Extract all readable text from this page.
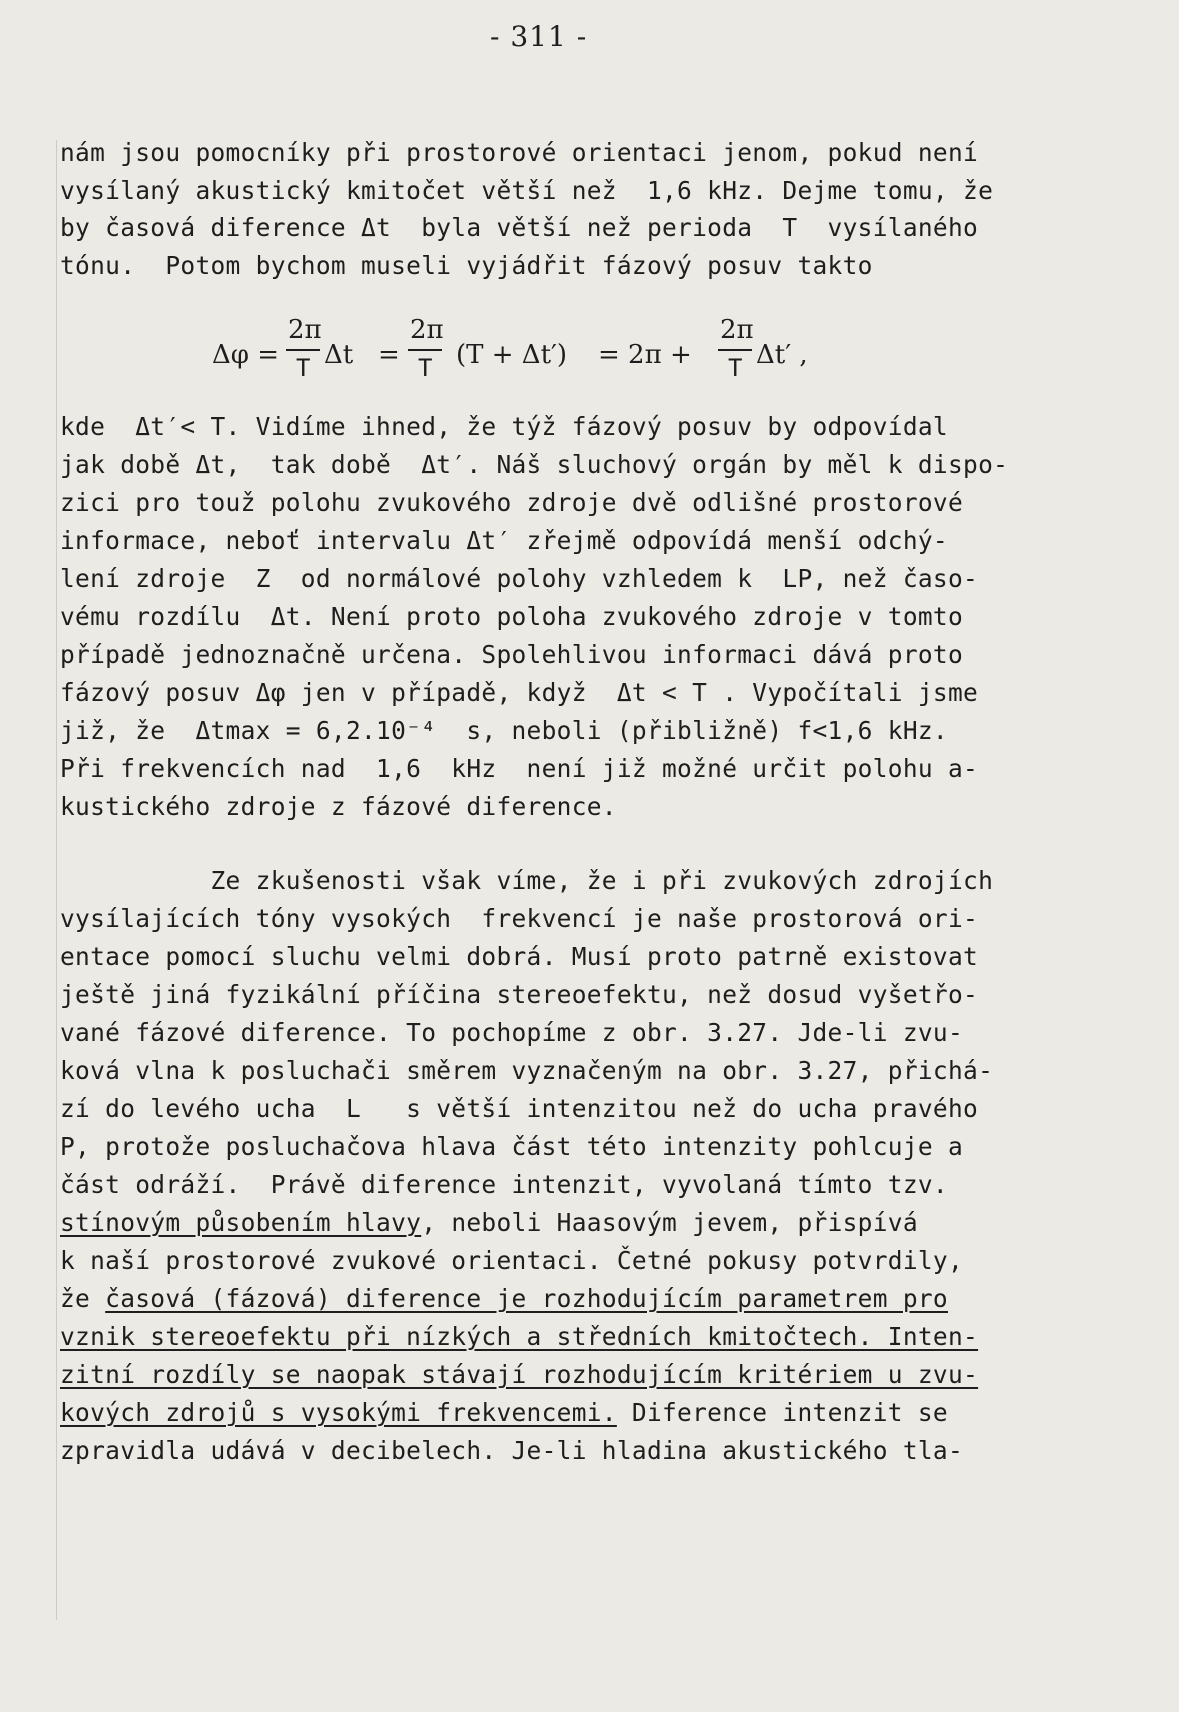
- 311 -
nám jsou pomocníky při prostorové orientaci jenom, pokud není
vysílaný akustický kmitočet větší než  1,6 kHz. Dejme tomu, že
by časová diference Δt  byla větší než perioda  T  vysílaného
tónu.  Potom bychom museli vyjádřit fázový posuv takto
Δφ =
2π
T Δt =
2π
T (T + Δt′) = 2π +
2π
T Δt′ ,
kde  Δt′< T. Vidíme ihned, že týž fázový posuv by odpovídal
jak době Δt,  tak době  Δt′. Náš sluchový orgán by měl k dispo-
zici pro touž polohu zvukového zdroje dvě odlišné prostorové
informace, neboť intervalu Δt′ zřejmě odpovídá menší odchý-
lení zdroje  Z  od normálové polohy vzhledem k  LP, než časo-
vému rozdílu  Δt. Není proto poloha zvukového zdroje v tomto
případě jednoznačně určena. Spolehlivou informaci dává proto
fázový posuv Δφ jen v případě, když  Δt < T . Vypočítali jsme
již, že  Δtmax = 6,2.10⁻⁴  s, neboli (přibližně) f<1,6 kHz.
Při frekvencích nad  1,6  kHz  není již možné určit polohu a-
kustického zdroje z fázové diference.
Ze zkušenosti však víme, že i při zvukových zdrojích
vysílajících tóny vysokých  frekvencí je naše prostorová ori-
entace pomocí sluchu velmi dobrá. Musí proto patrně existovat
ještě jiná fyzikální příčina stereoefektu, než dosud vyšetřo-
vané fázové diference. To pochopíme z obr. 3.27. Jde-li zvu-
ková vlna k posluchači směrem vyznačeným na obr. 3.27, přichá-
zí do levého ucha  L   s větší intenzitou než do ucha pravého
P, protože posluchačova hlava část této intenzity pohlcuje a
část odráží.  Právě diference intenzit, vyvolaná tímto tzv.
stínovým působením hlavy, neboli Haasovým jevem, přispívá
k naší prostorové zvukové orientaci. Četné pokusy potvrdily,
že časová (fázová) diference je rozhodujícím parametrem pro
vznik stereoefektu při nízkých a středních kmitočtech. Inten-
zitní rozdíly se naopak stávají rozhodujícím kritériem u zvu-
kových zdrojů s vysokými frekvencemi. Diference intenzit se
zpravidla udává v decibelech. Je-li hladina akustického tla-
